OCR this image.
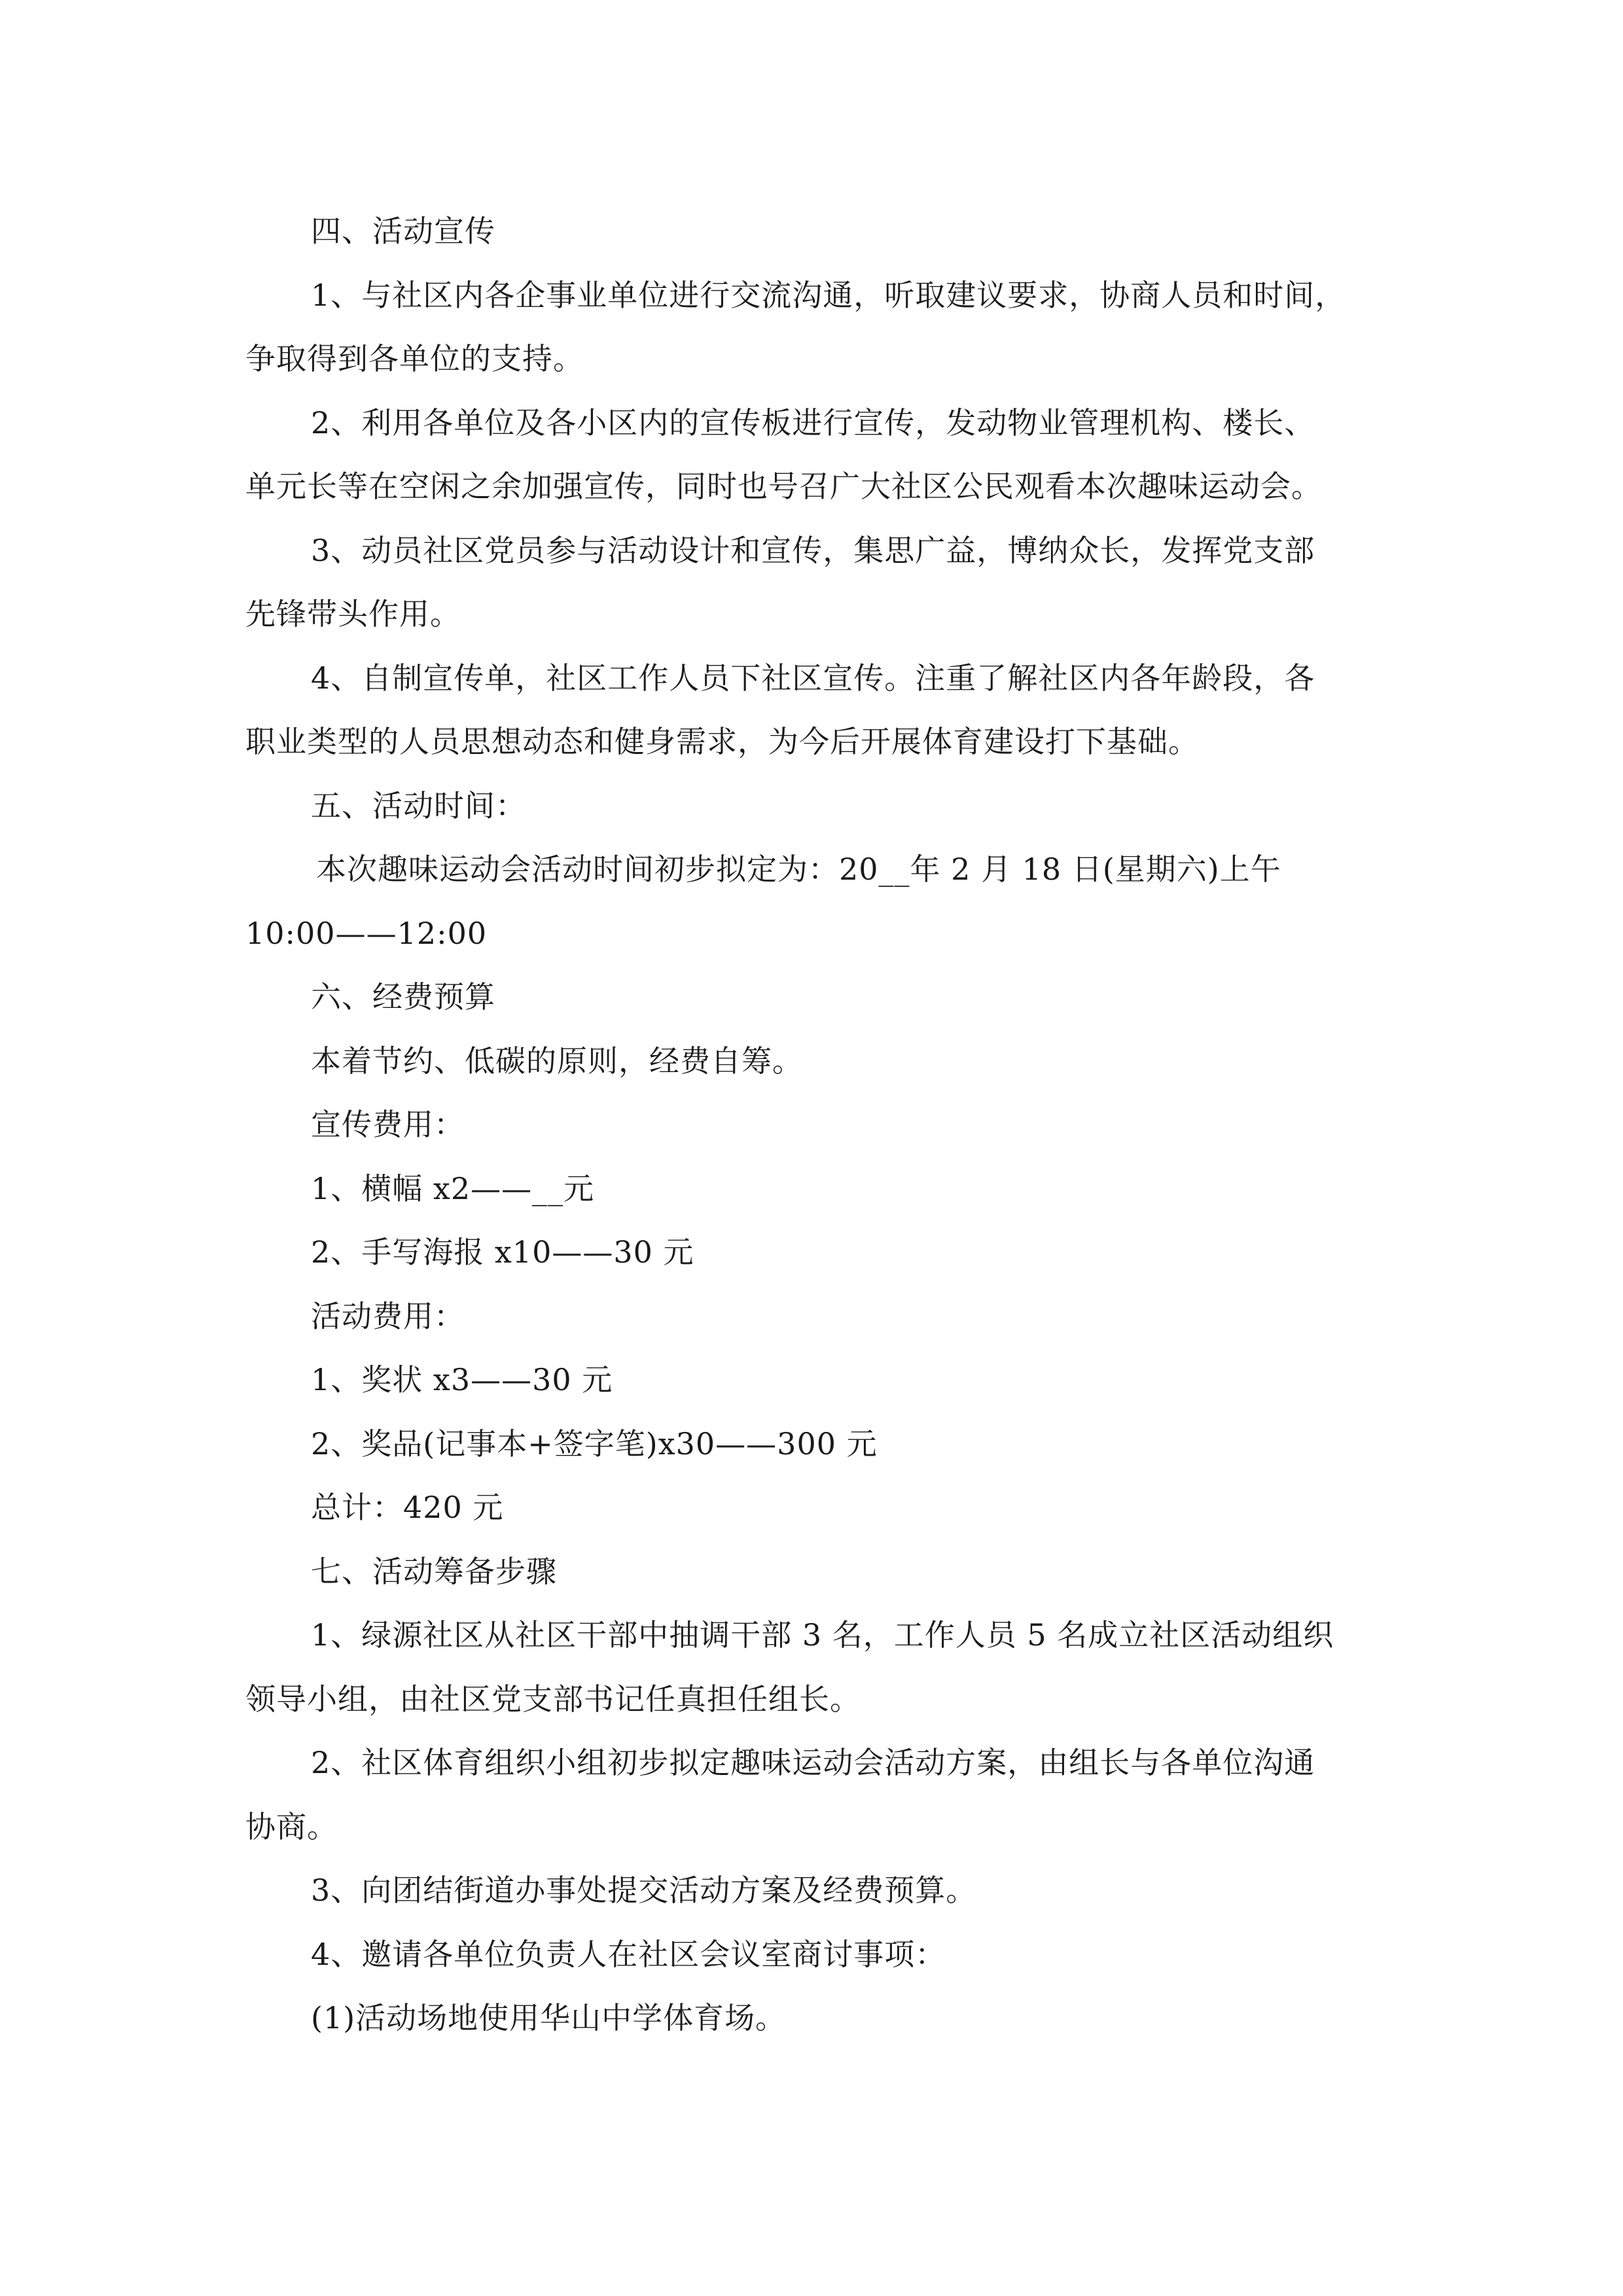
四、活动宣传
1、与社区内各企事业单位进行交流沟通，听取建议要求，协商人员和时间，
争取得到各单位的支持。
2、利用各单位及各小区内的宣传板进行宣传，发动物业管理机构、楼长、
单元长等在空闲之余加强宣传，同时也号召广大社区公民观看本次趣味运动会。
3、动员社区党员参与活动设计和宣传，集思广益，博纳众长，发挥党支部
先锋带头作用。
4、自制宣传单，社区工作人员下社区宣传。注重了解社区内各年龄段，各
职业类型的人员思想动态和健身需求，为今后开展体育建设打下基础。
五、活动时间：
本次趣味运动会活动时间初步拟定为：20__年 2 月 18 日(星期六)上午
10:00——12:00
六、经费预算
本着节约、低碳的原则，经费自筹。
宣传费用：
1、横幅 x2——__元
2、手写海报 x10——30 元
活动费用：
1、奖状 x3——30 元
2、奖品(记事本+签字笔)x30——300 元
总计：420 元
七、活动筹备步骤
1、绿源社区从社区干部中抽调干部 3 名，工作人员 5 名成立社区活动组织
领导小组，由社区党支部书记任真担任组长。
2、社区体育组织小组初步拟定趣味运动会活动方案，由组长与各单位沟通
协商。
3、向团结街道办事处提交活动方案及经费预算。
4、邀请各单位负责人在社区会议室商讨事项：
(1)活动场地使用华山中学体育场。
